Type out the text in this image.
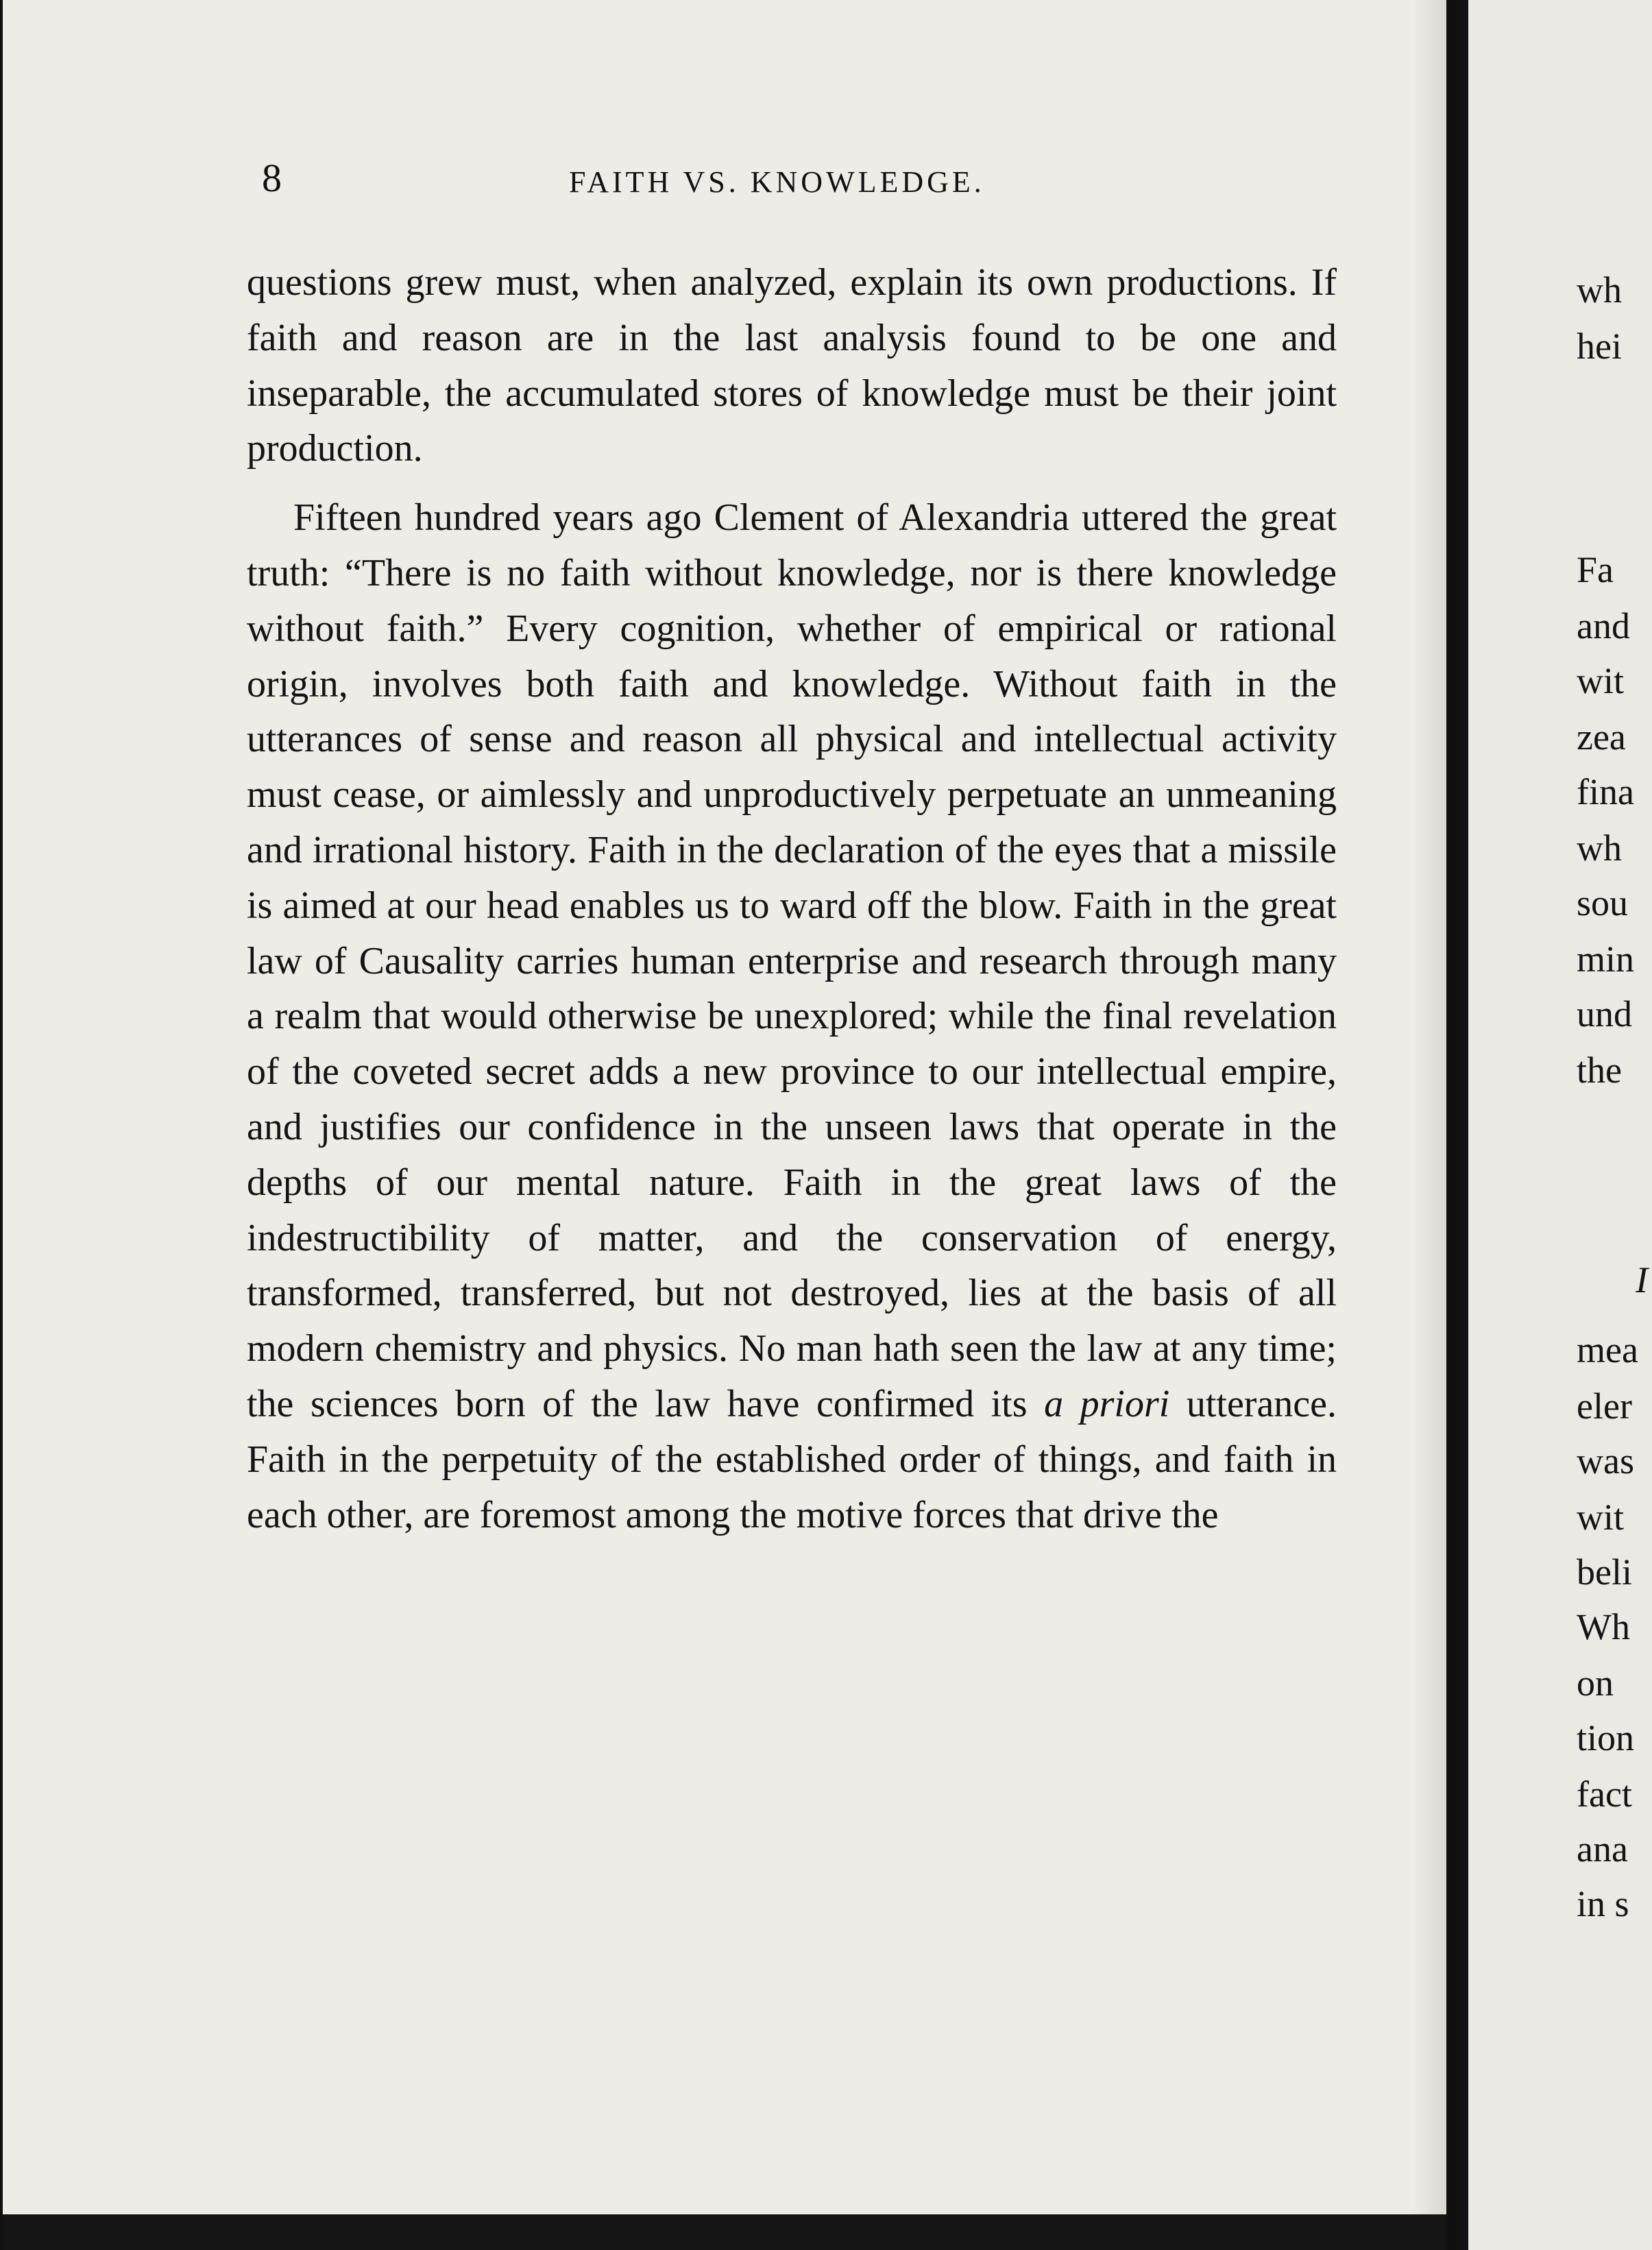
8	FAITH VS. KNOWLEDGE.

questions grew must, when analyzed, explain its own productions. If faith and reason are in the last analysis found to be one and inseparable, the accumulated stores of knowledge must be their joint production.

Fifteen hundred years ago Clement of Alexandria uttered the great truth: “There is no faith without knowledge, nor is there knowledge without faith.” Every cognition, whether of empirical or rational origin, involves both faith and knowledge. Without faith in the utterances of sense and reason all physical and intellectual activity must cease, or aimlessly and unproductively perpetuate an unmeaning and irrational history. Faith in the declaration of the eyes that a missile is aimed at our head enables us to ward off the blow. Faith in the great law of Causality carries human enterprise and research through many a realm that would otherwise be unexplored; while the final revelation of the coveted secret adds a new province to our intellectual empire, and justifies our confidence in the unseen laws that operate in the depths of our mental nature. Faith in the great laws of the indestructibility of matter, and the conservation of energy, transformed, transferred, but not destroyed, lies at the basis of all modern chemistry and physics. No man hath seen the law at any time; the sciences born of the law have confirmed its a priori utterance. Faith in the perpetuity of the established order of things, and faith in each other, are foremost among the motive forces that drive the

wh

hei

Fa

and

wit

zea

fina

wh

sou

min

und

the

I

mea

eler

was

wit

beli

Wh

on

tion

fact

ana

in s
